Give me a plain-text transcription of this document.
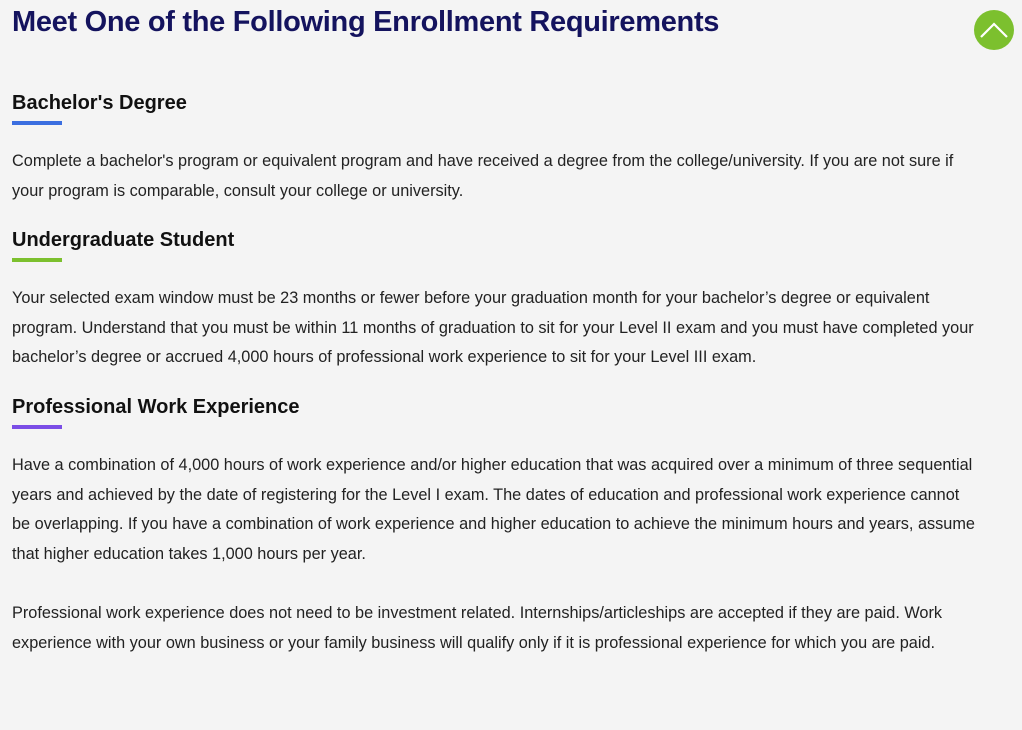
Meet One of the Following Enrollment Requirements
Bachelor's Degree

Complete a bachelor's program or equivalent program and have received a degree from the college/university. If you are not sure if your program is comparable, consult your college or university.

Undergraduate Student

Your selected exam window must be 23 months or fewer before your graduation month for your bachelor’s degree or equivalent program. Understand that you must be within 11 months of graduation to sit for your Level II exam and you must have completed your bachelor’s degree or accrued 4,000 hours of professional work experience to sit for your Level III exam.

Professional Work Experience

Have a combination of 4,000 hours of work experience and/or higher education that was acquired over a minimum of three sequential years and achieved by the date of registering for the Level I exam. The dates of education and professional work experience cannot be overlapping. If you have a combination of work experience and higher education to achieve the minimum hours and years, assume that higher education takes 1,000 hours per year.

Professional work experience does not need to be investment related. Internships/articleships are accepted if they are paid. Work experience with your own business or your family business will qualify only if it is professional experience for which you are paid.
